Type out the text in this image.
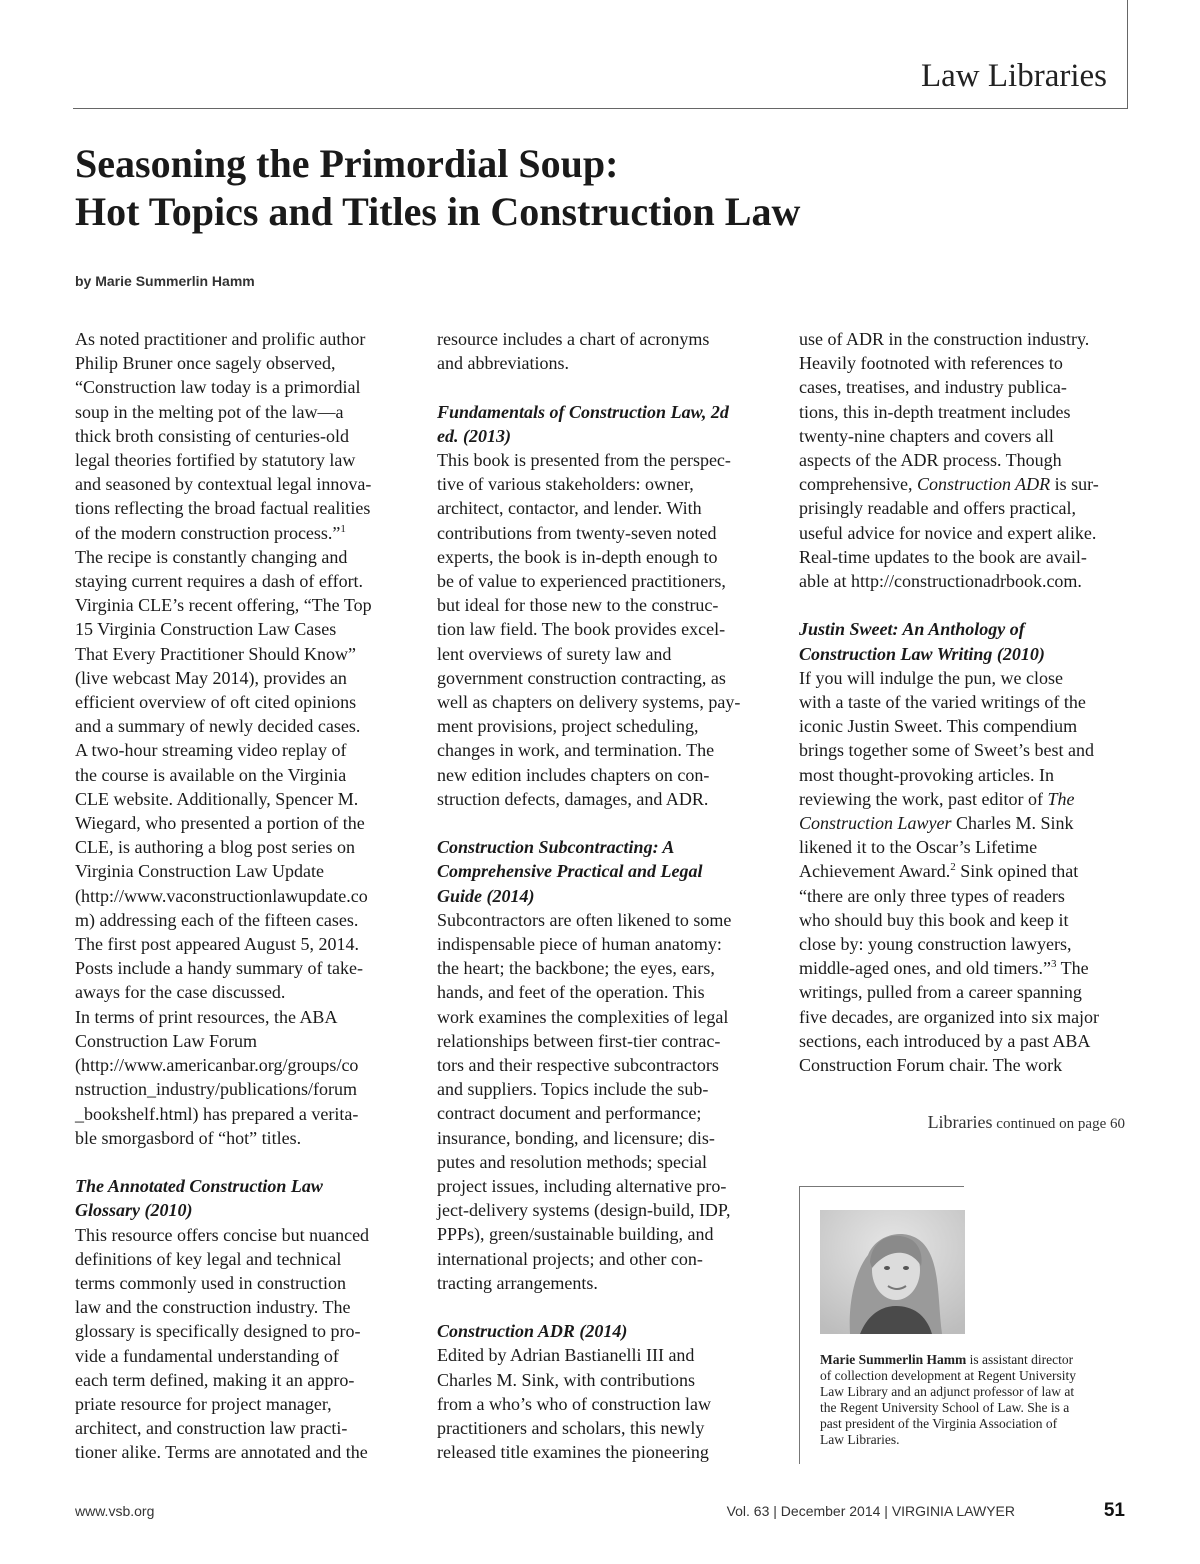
Law Libraries
Seasoning the Primordial Soup:
Hot Topics and Titles in Construction Law
by Marie Summerlin Hamm

As noted practitioner and prolific author

Philip Bruner once sagely observed,

“Construction law today is a primordial

soup in the melting pot of the law—a

thick broth consisting of centuries-old

legal theories fortified by statutory law

and seasoned by contextual legal innova-

tions reflecting the broad factual realities

of the modern construction process.”$^1$

The recipe is constantly changing and

staying current requires a dash of effort.

Virginia CLE’s recent offering, “The Top

15 Virginia Construction Law Cases

That Every Practitioner Should Know”

(live webcast May 2014), provides an

efficient overview of oft cited opinions

and a summary of newly decided cases.

A two-hour streaming video replay of

the course is available on the Virginia

CLE website. Additionally, Spencer M.

Wiegard, who presented a portion of the

CLE, is authoring a blog post series on

Virginia Construction Law Update

(http://www.vaconstructionlawupdate.co

m) addressing each of the fifteen cases.

The first post appeared August 5, 2014.

Posts include a handy summary of take-

aways for the case discussed.

In terms of print resources, the ABA

Construction Law Forum

(http://www.americanbar.org/groups/co

nstruction_industry/publications/forum

_bookshelf.html) has prepared a verita-

ble smorgasbord of “hot” titles.

The Annotated Construction Law

Glossary (2010)

This resource offers concise but nuanced

definitions of key legal and technical

terms commonly used in construction

law and the construction industry. The

glossary is specifically designed to pro-

vide a fundamental understanding of

each term defined, making it an appro-

priate resource for project manager,

architect, and construction law practi-

tioner alike. Terms are annotated and the

resource includes a chart of acronyms

and abbreviations.

Fundamentals of Construction Law, 2d

ed. (2013)

This book is presented from the perspec-

tive of various stakeholders: owner,

architect, contactor, and lender. With

contributions from twenty-seven noted

experts, the book is in-depth enough to

be of value to experienced practitioners,

but ideal for those new to the construc-

tion law field. The book provides excel-

lent overviews of surety law and

government construction contracting, as

well as chapters on delivery systems, pay-

ment provisions, project scheduling,

changes in work, and termination. The

new edition includes chapters on con-

struction defects, damages, and ADR.

Construction Subcontracting: A

Comprehensive Practical and Legal

Guide (2014)

Subcontractors are often likened to some

indispensable piece of human anatomy:

the heart; the backbone; the eyes, ears,

hands, and feet of the operation. This

work examines the complexities of legal

relationships between first-tier contrac-

tors and their respective subcontractors

and suppliers. Topics include the sub-

contract document and performance;

insurance, bonding, and licensure; dis-

putes and resolution methods; special

project issues, including alternative pro-

ject-delivery systems (design-build, IDP,

PPPs), green/sustainable building, and

international projects; and other con-

tracting arrangements.

Construction ADR (2014)

Edited by Adrian Bastianelli III and

Charles M. Sink, with contributions

from a who’s who of construction law

practitioners and scholars, this newly

released title examines the pioneering

use of ADR in the construction industry.

Heavily footnoted with references to

cases, treatises, and industry publica-

tions, this in-depth treatment includes

twenty-nine chapters and covers all

aspects of the ADR process. Though

comprehensive, Construction ADR is sur-

prisingly readable and offers practical,

useful advice for novice and expert alike.

Real-time updates to the book are avail-

able at http://constructionadrbook.com.

Justin Sweet: An Anthology of

Construction Law Writing (2010)

If you will indulge the pun, we close

with a taste of the varied writings of the

iconic Justin Sweet. This compendium

brings together some of Sweet’s best and

most thought-provoking articles. In

reviewing the work, past editor of The

Construction Lawyer Charles M. Sink

likened it to the Oscar’s Lifetime

Achievement Award.$^2$ Sink opined that

“there are only three types of readers

who should buy this book and keep it

close by: young construction lawyers,

middle-aged ones, and old timers.”$^3$ The

writings, pulled from a career spanning

five decades, are organized into six major

sections, each introduced by a past ABA

Construction Forum chair. The work

Libraries continued on page 60

Marie Summerlin Hamm is assistant director

of collection development at Regent University

Law Library and an adjunct professor of law at

the Regent University School of Law. She is a

past president of the Virginia Association of

Law Libraries.

www.vsb.org	Vol. 63 | December 2014 | VIRGINIA LAWYER	51
